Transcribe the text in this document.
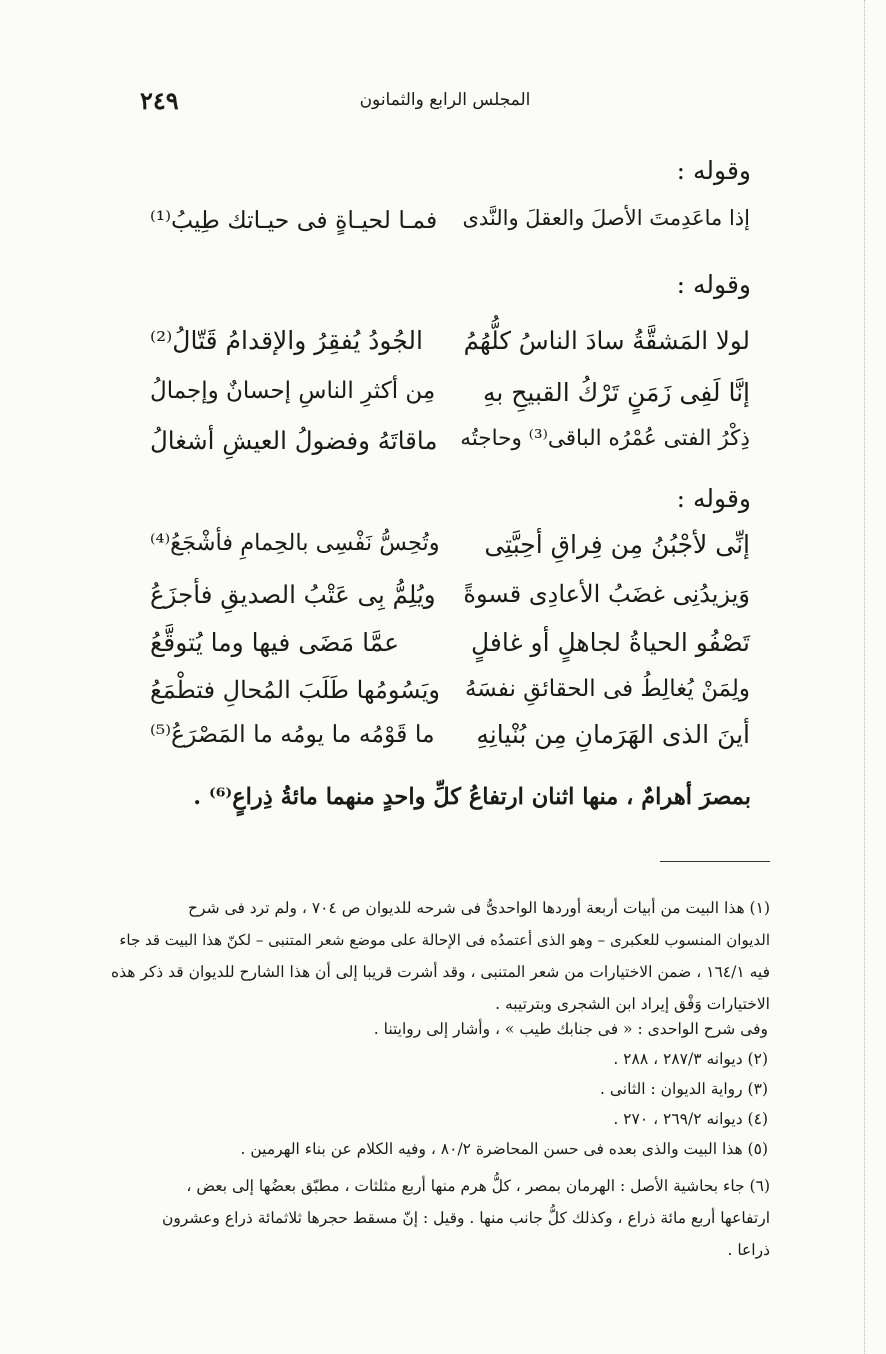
٢٤٩	المجلس الرابع والثمانون
وقوله :
إذا ماعَدِمتَ الأصلَ والعقلَ والنَّدى
فمـا لحيـاةٍ فى حيـاتك طِيبُ⁽¹⁾
وقوله :
لولا المَشقَّةُ سادَ الناسُ كلُّهُمُ
الجُودُ يُفقِرُ والإقدامُ قَتّالُ⁽²⁾
إنَّا لَفِى زَمَنٍ تَرْكُ القبيحِ بهِ
مِن أكثرِ الناسِ إحسانٌ وإجمالُ
ذِكْرُ الفتى عُمْرُه الباقى⁽³⁾ وحاجتُه
ماقاتَهُ وفضولُ العيشِ أشغالُ
وقوله :
إنِّى لأجْبُنُ مِن فِراقِ أحِبَّتِى
وتُحِسُّ نَفْسِى بالحِمامِ فأشْجَعُ⁽⁴⁾
وَيزيدُنِى غضَبُ الأعادِى قسوةً
ويُلِمُّ بِى عَتْبُ الصديقِ فأجزَعُ
تَصْفُو الحياةُ لجاهلٍ أو غافلٍ
عمَّا مَضَى فيها وما يُتوقَّعُ
ولِمَنْ يُغالِطُ فى الحقائقِ نفسَهُ
ويَسُومُها طَلَبَ المُحالِ فتطْمَعُ
أينَ الذى الهَرَمانِ مِن بُنْيانِهِ
ما قَوْمُه ما يومُه ما المَصْرَعُ⁽⁵⁾
بمصرَ أهرامٌ ، منها اثنان ارتفاعُ كلِّ واحدٍ منهما مائةُ ذِراعٍ⁽⁶⁾ .
(١) هذا البيت من أبيات أربعة أوردها الواحدىُّ فى شرحه للديوان ص ٧٠٤ ، ولم ترد فى شرح
الديوان المنسوب للعكبرى – وهو الذى أعتمدُه فى الإحالة على موضع شعر المتنبى – لكنّ هذا البيت قد جاء
فيه ١٦٤/١ ، ضمن الاختيارات من شعر المتنبى ، وقد أشرت قريبا إلى أن هذا الشارح للديوان قد ذكر هذه
الاختيارات وَفْق إيراد ابن الشجرى وبترتيبه .
وفى شرح الواحدى : « فى جنابك طيب » ، وأشار إلى روايتنا .
(٢) ديوانه ٢٨٧/٣ ، ٢٨٨ .
(٣) رواية الديوان : الثانى .
(٤) ديوانه ٢٦٩/٢ ، ٢٧٠ .
(٥) هذا البيت والذى بعده فى حسن المحاضرة ٨٠/٢ ، وفيه الكلام عن بناء الهرمين .
(٦) جاء بحاشية الأصل : الهرمان بمصر ، كلُّ هرم منها أربع مثلثات ، مطبّق بعضُها إلى بعض ،
ارتفاعها أربع مائة ذراع ، وكذلك كلُّ جانب منها . وقيل : إنّ مسقط حجرها ثلاثمائة ذراع وعشرون
ذراعا .
